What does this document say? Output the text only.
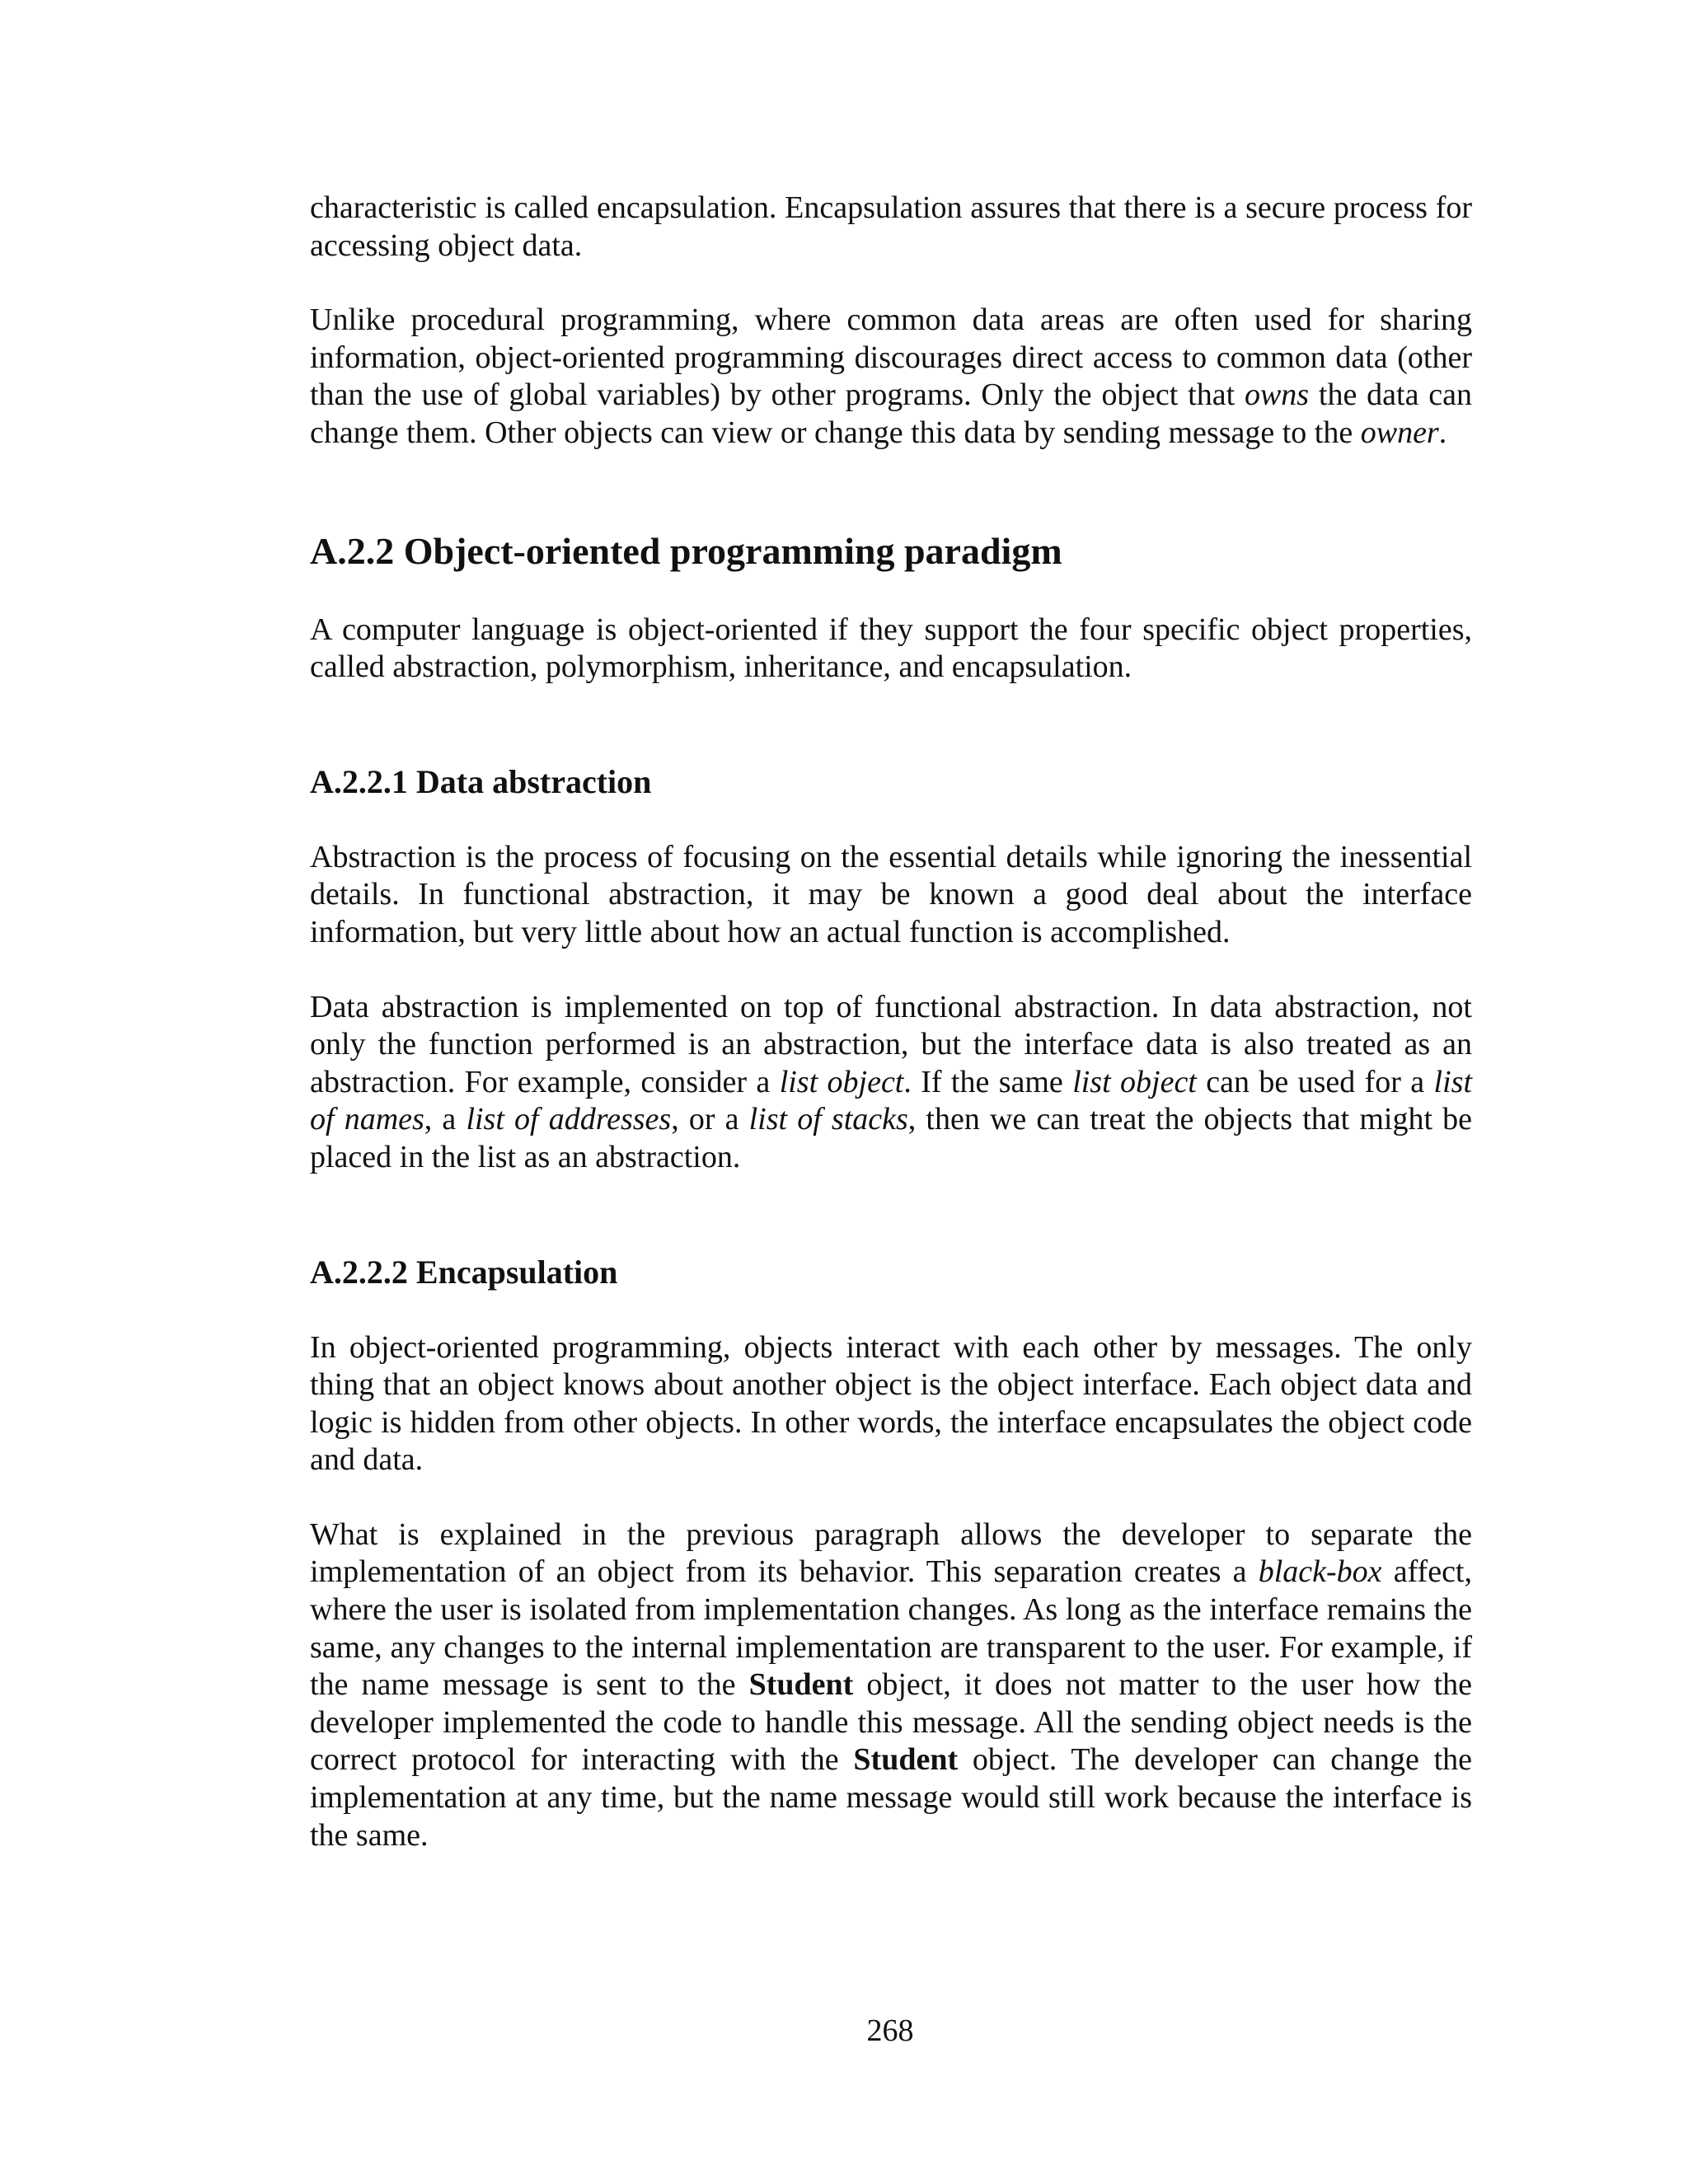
characteristic is called encapsulation. Encapsulation assures that there is a secure process for accessing object data.

Unlike procedural programming, where common data areas are often used for sharing information, object-oriented programming discourages direct access to common data (other than the use of global variables) by other programs. Only the object that owns the data can change them. Other objects can view or change this data by sending message to the owner.

A.2.2 Object-oriented programming paradigm

A computer language is object-oriented if they support the four specific object properties, called abstraction, polymorphism, inheritance, and encapsulation.

A.2.2.1 Data abstraction

Abstraction is the process of focusing on the essential details while ignoring the inessential details. In functional abstraction, it may be known a good deal about the interface information, but very little about how an actual function is accomplished.

Data abstraction is implemented on top of functional abstraction. In data abstraction, not only the function performed is an abstraction, but the interface data is also treated as an abstraction. For example, consider a list object. If the same list object can be used for a list of names, a list of addresses, or a list of stacks, then we can treat the objects that might be placed in the list as an abstraction.

A.2.2.2 Encapsulation

In object-oriented programming, objects interact with each other by messages. The only thing that an object knows about another object is the object interface. Each object data and logic is hidden from other objects. In other words, the interface encapsulates the object code and data.

What is explained in the previous paragraph allows the developer to separate the implementation of an object from its behavior. This separation creates a black-box affect, where the user is isolated from implementation changes. As long as the interface remains the same, any changes to the internal implementation are transparent to the user. For example, if the name message is sent to the Student object, it does not matter to the user how the developer implemented the code to handle this message. All the sending object needs is the correct protocol for interacting with the Student object. The developer can change the implementation at any time, but the name message would still work because the interface is the same.

268
